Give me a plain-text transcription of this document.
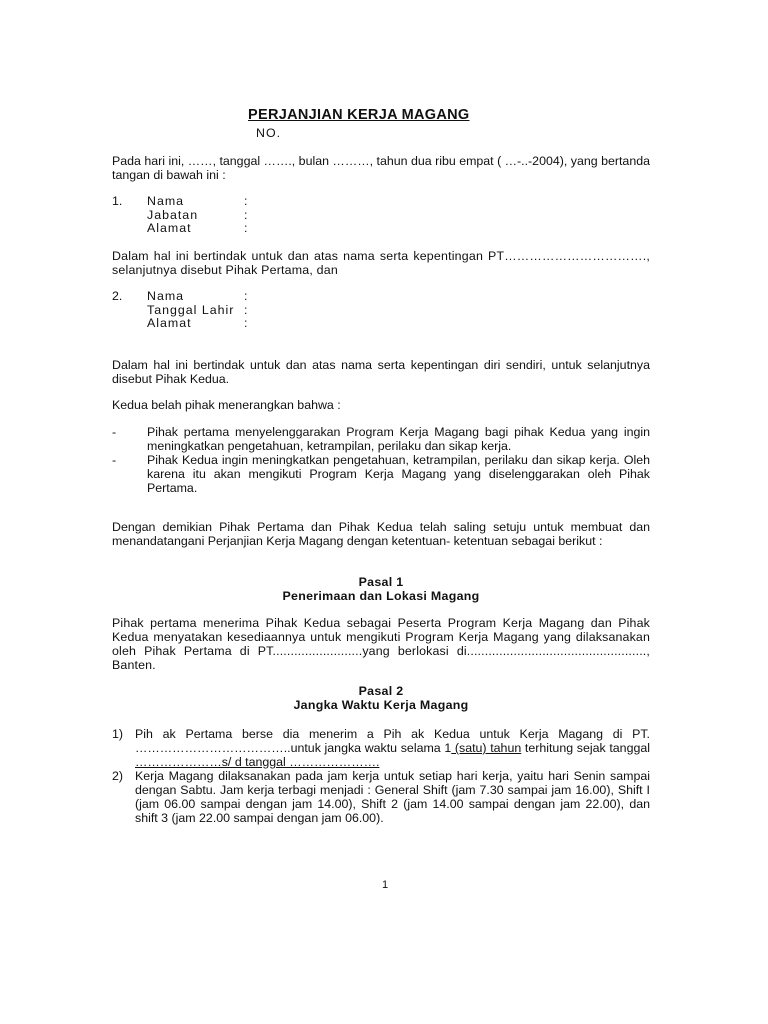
PERJANJIAN KERJA MAGANG
NO.
Pada hari ini, ……, tanggal ……., bulan ………, tahun dua ribu empat ( …-..-2004), yang bertanda tangan di bawah ini :
1.	Nama	:
Jabatan	:
Alamat	:
Dalam hal ini bertindak untuk dan atas nama serta kepentingan PT……………………………., selanjutnya disebut Pihak Pertama, dan
2.	Nama	:
Tanggal Lahir :
Alamat	:
Dalam hal ini bertindak untuk dan atas nama serta kepentingan diri sendiri, untuk selanjutnya disebut Pihak Kedua.
Kedua belah pihak menerangkan bahwa :
-	Pihak pertama menyelenggarakan Program Kerja Magang bagi pihak Kedua yang ingin meningkatkan pengetahuan, ketrampilan, perilaku dan sikap kerja.
-	Pihak Kedua ingin meningkatkan pengetahuan, ketrampilan, perilaku dan sikap kerja. Oleh karena itu akan mengikuti Program Kerja Magang yang diselenggarakan oleh Pihak Pertama.
Dengan demikian Pihak Pertama dan Pihak Kedua telah saling setuju untuk membuat dan menandatangani Perjanjian Kerja Magang dengan ketentuan- ketentuan sebagai berikut :
Pasal 1
Penerimaan dan Lokasi Magang
Pihak pertama menerima Pihak Kedua sebagai Peserta Program Kerja Magang dan Pihak Kedua menyatakan kesediaannya untuk mengikuti Program Kerja Magang yang dilaksanakan oleh Pihak Pertama di PT.........................yang berlokasi di.................................................., Banten.
Pasal 2
Jangka Waktu Kerja Magang
1) Pih ak Pertama berse dia menerim a Pih ak Kedua untuk Kerja Magang di PT. ………………………………..untuk jangka waktu selama 1 (satu) tahun terhitung sejak tanggal …………………s/ d tanggal ………………….
2) Kerja Magang dilaksanakan pada jam kerja untuk setiap hari kerja, yaitu hari Senin sampai dengan Sabtu. Jam kerja terbagi menjadi : General Shift (jam 7.30 sampai jam 16.00), Shift I (jam 06.00 sampai dengan jam 14.00), Shift 2 (jam 14.00 sampai dengan jam 22.00), dan shift 3 (jam 22.00 sampai dengan jam 06.00).
1
